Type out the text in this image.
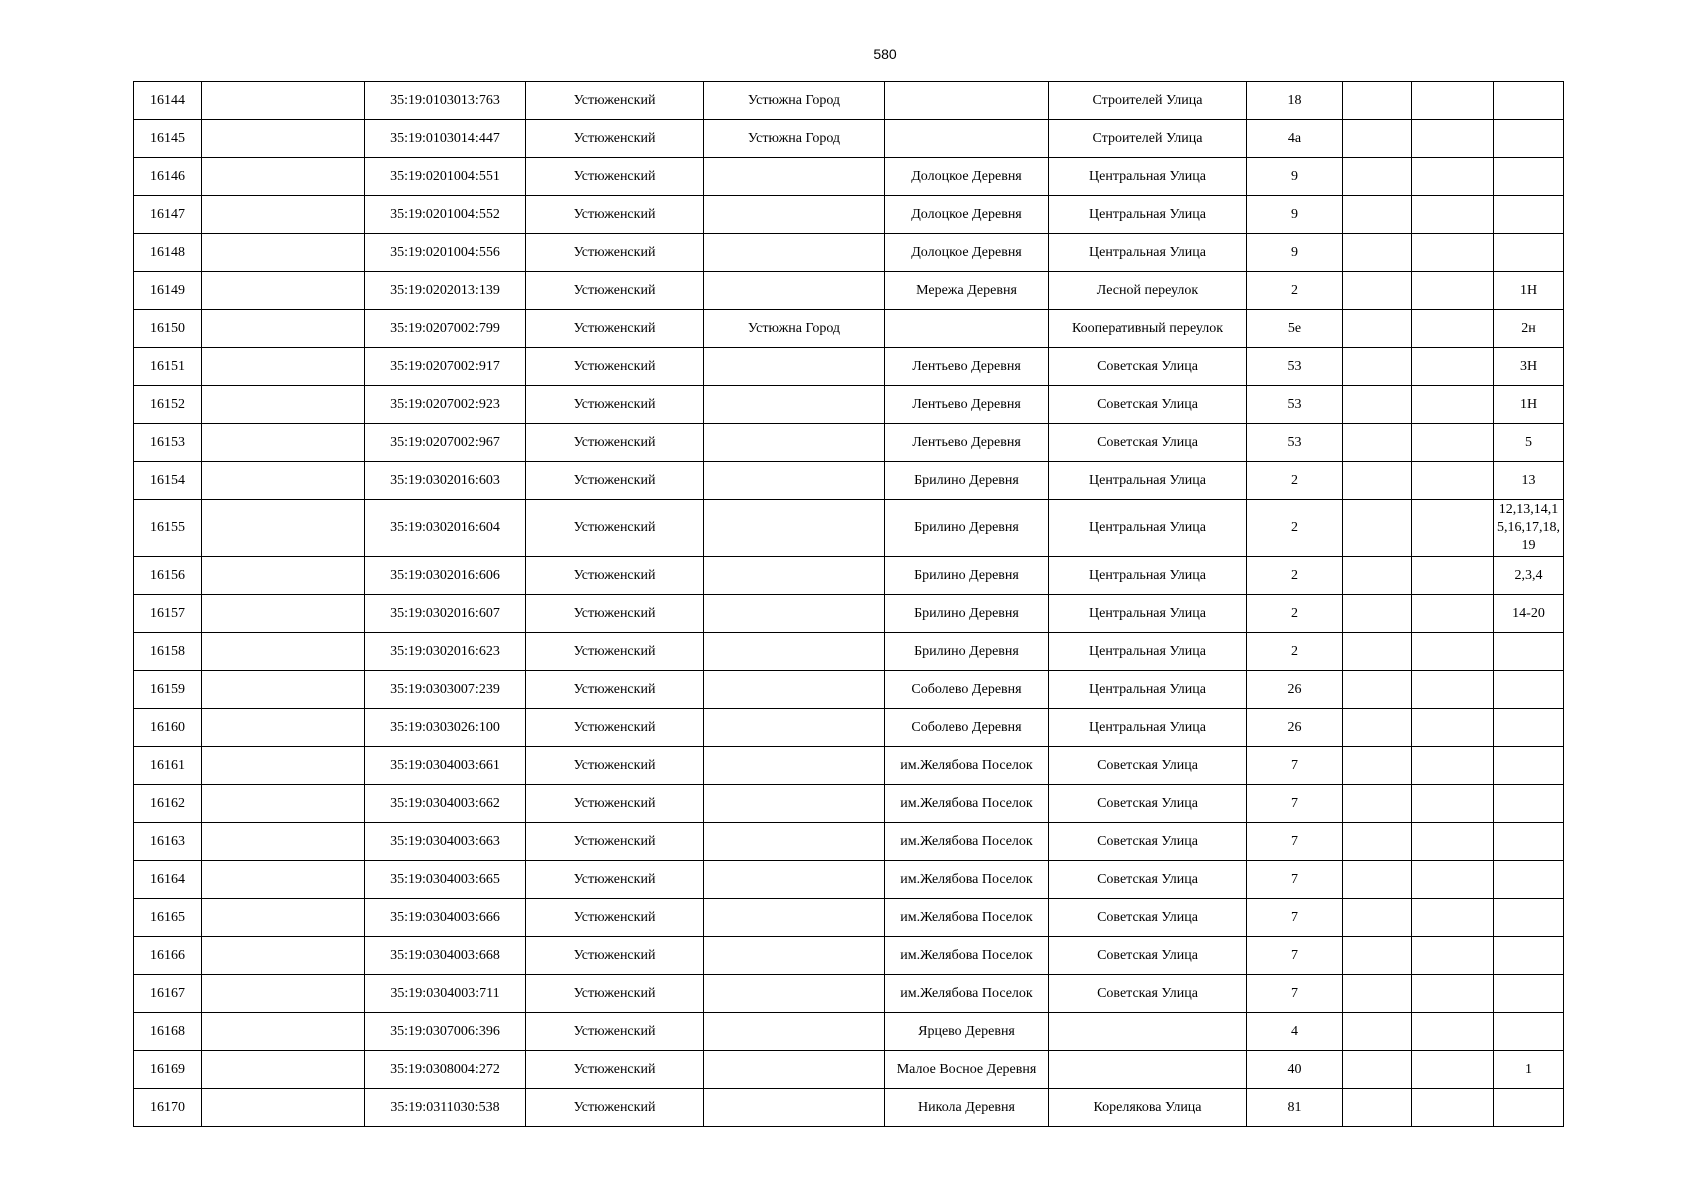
580
16144		35:19:0103013:763	Устюженский	Устюжна Город		Строителей Улица	18			
16145		35:19:0103014:447	Устюженский	Устюжна Город		Строителей Улица	4а			
16146		35:19:0201004:551	Устюженский		Долоцкое Деревня	Центральная Улица	9			
16147		35:19:0201004:552	Устюженский		Долоцкое Деревня	Центральная Улица	9			
16148		35:19:0201004:556	Устюженский		Долоцкое Деревня	Центральная Улица	9			
16149		35:19:0202013:139	Устюженский		Мережа Деревня	Лесной переулок	2			1Н
16150		35:19:0207002:799	Устюженский	Устюжна Город		Кооперативный переулок	5е			2н
16151		35:19:0207002:917	Устюженский		Лентьево Деревня	Советская Улица	53			3Н
16152		35:19:0207002:923	Устюженский		Лентьево Деревня	Советская Улица	53			1Н
16153		35:19:0207002:967	Устюженский		Лентьево Деревня	Советская Улица	53			5
16154		35:19:0302016:603	Устюженский		Брилино Деревня	Центральная Улица	2			13
16155		35:19:0302016:604	Устюженский		Брилино Деревня	Центральная Улица	2			12,13,14,15,16,17,18,19
16156		35:19:0302016:606	Устюженский		Брилино Деревня	Центральная Улица	2			2,3,4
16157		35:19:0302016:607	Устюженский		Брилино Деревня	Центральная Улица	2			14-20
16158		35:19:0302016:623	Устюженский		Брилино Деревня	Центральная Улица	2			
16159		35:19:0303007:239	Устюженский		Соболево Деревня	Центральная Улица	26			
16160		35:19:0303026:100	Устюженский		Соболево Деревня	Центральная Улица	26			
16161		35:19:0304003:661	Устюженский		им.Желябова Поселок	Советская Улица	7			
16162		35:19:0304003:662	Устюженский		им.Желябова Поселок	Советская Улица	7			
16163		35:19:0304003:663	Устюженский		им.Желябова Поселок	Советская Улица	7			
16164		35:19:0304003:665	Устюженский		им.Желябова Поселок	Советская Улица	7			
16165		35:19:0304003:666	Устюженский		им.Желябова Поселок	Советская Улица	7			
16166		35:19:0304003:668	Устюженский		им.Желябова Поселок	Советская Улица	7			
16167		35:19:0304003:711	Устюженский		им.Желябова Поселок	Советская Улица	7			
16168		35:19:0307006:396	Устюженский		Ярцево Деревня		4			
16169		35:19:0308004:272	Устюженский		Малое Восное Деревня		40			1
16170		35:19:0311030:538	Устюженский		Никола Деревня	Корелякова Улица	81			
